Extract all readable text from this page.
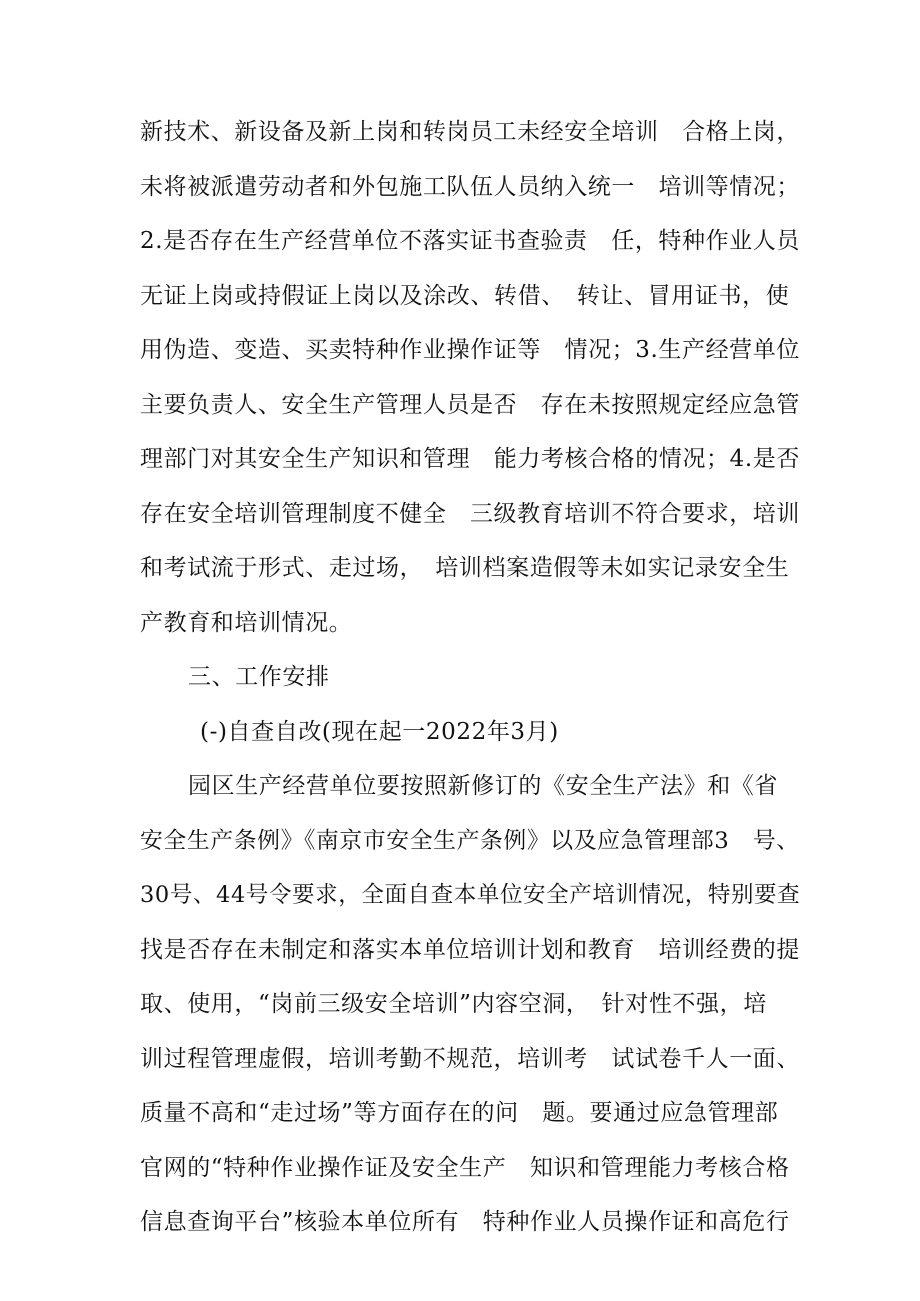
新技术、新设备及新上岗和转岗员工未经安全培训　合格上岗，
未将被派遣劳动者和外包施工队伍人员纳入统一　培训等情况；
2.是否存在生产经营单位不落实证书查验责　任，特种作业人员
无证上岗或持假证上岗以及涂改、转借、　转让、冒用证书，使
用伪造、变造、买卖特种作业操作证等　情况；3.生产经营单位
主要负责人、安全生产管理人员是否　存在未按照规定经应急管
理部门对其安全生产知识和管理　能力考核合格的情况；4.是否
存在安全培训管理制度不健全　三级教育培训不符合要求，培训
和考试流于形式、走过场，　培训档案造假等未如实记录安全生
产教育和培训情况。
三、工作安排
(-)自查自改(现在起一2022年3月)
园区生产经营单位要按照新修订的《安全生产法》和《省
安全生产条例》《南京市安全生产条例》以及应急管理部3　号、
30号、44号令要求，全面自查本单位安全产培训情况，特别要查
找是否存在未制定和落实本单位培训计划和教育　培训经费的提
取、使用，“岗前三级安全培训”内容空洞，　针对性不强，培
训过程管理虚假，培训考勤不规范，培训考　试试卷千人一面、
质量不高和“走过场”等方面存在的问　题。要通过应急管理部
官网的“特种作业操作证及安全生产　知识和管理能力考核合格
信息查询平台”核验本单位所有　特种作业人员操作证和高危行
